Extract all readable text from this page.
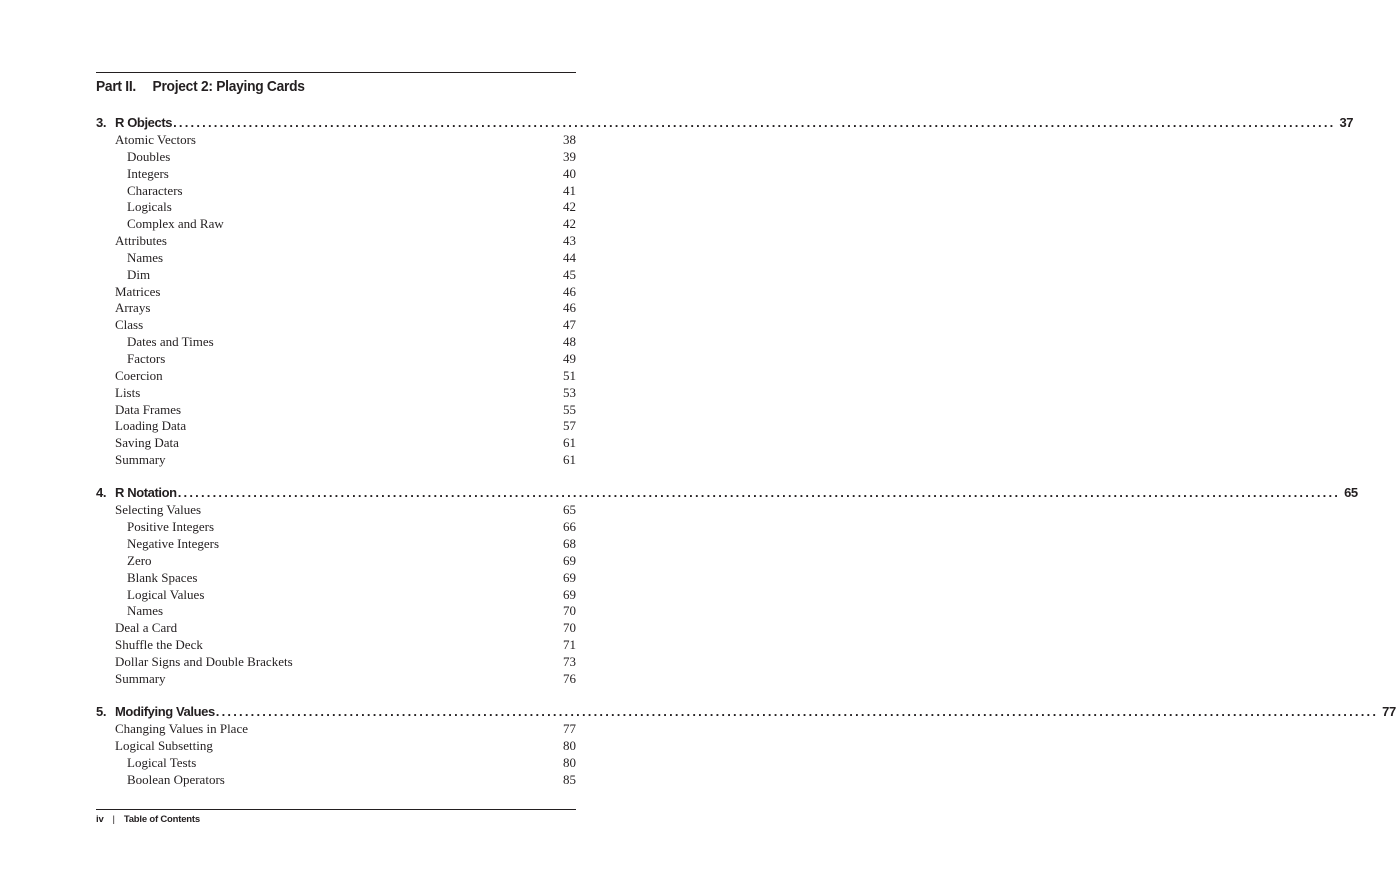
Part II. Project 2: Playing Cards
3. R Objects ........................................................................................................................................................................................................ 37
Atomic Vectors	38
Doubles	39
Integers	40
Characters	41
Logicals	42
Complex and Raw	42
Attributes	43
Names	44
Dim	45
Matrices	46
Arrays	46
Class	47
Dates and Times	48
Factors	49
Coercion	51
Lists	53
Data Frames	55
Loading Data	57
Saving Data	61
Summary	61
4. R Notation ........................................................................................................................................................................................................ 65
Selecting Values	65
Positive Integers	66
Negative Integers	68
Zero	69
Blank Spaces	69
Logical Values	69
Names	70
Deal a Card	70
Shuffle the Deck	71
Dollar Signs and Double Brackets	73
Summary	76
5. Modifying Values ........................................................................................................................................................................................................ 77
Changing Values in Place	77
Logical Subsetting	80
Logical Tests	80
Boolean Operators	85
iv | Table of Contents
